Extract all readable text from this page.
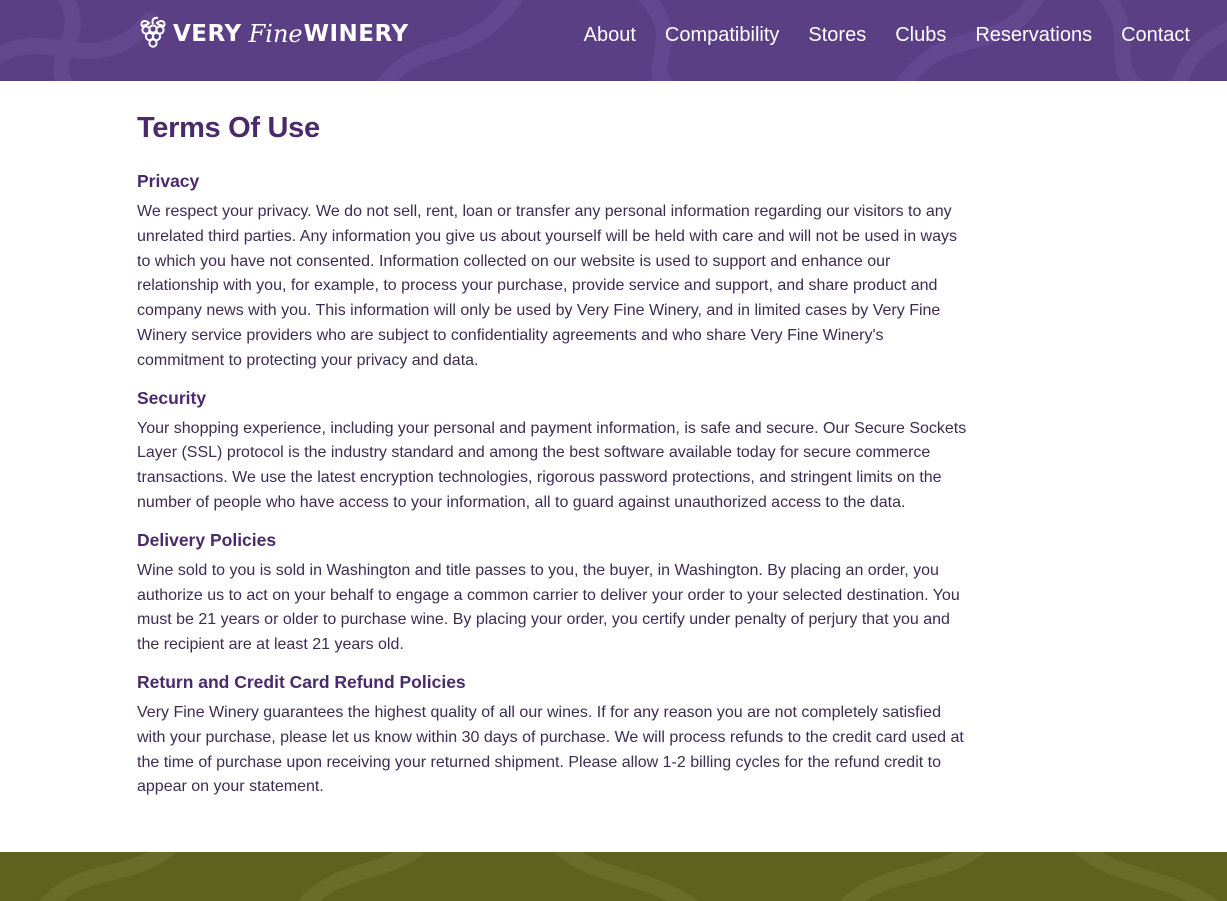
VERY Fine WINERY	About Compatibility Stores Clubs Reservations Contact
Terms Of Use
Privacy

We respect your privacy. We do not sell, rent, loan or transfer any personal information regarding our visitors to any unrelated third parties. Any information you give us about yourself will be held with care and will not be used in ways to which you have not consented. Information collected on our website is used to support and enhance our relationship with you, for example, to process your purchase, provide service and support, and share product and company news with you. This information will only be used by Very Fine Winery, and in limited cases by Very Fine Winery service providers who are subject to confidentiality agreements and who share Very Fine Winery's commitment to protecting your privacy and data.

Security

Your shopping experience, including your personal and payment information, is safe and secure. Our Secure Sockets Layer (SSL) protocol is the industry standard and among the best software available today for secure commerce transactions. We use the latest encryption technologies, rigorous password protections, and stringent limits on the number of people who have access to your information, all to guard against unauthorized access to the data.

Delivery Policies

Wine sold to you is sold in Washington and title passes to you, the buyer, in Washington. By placing an order, you authorize us to act on your behalf to engage a common carrier to deliver your order to your selected destination. You must be 21 years or older to purchase wine. By placing your order, you certify under penalty of perjury that you and the recipient are at least 21 years old.

Return and Credit Card Refund Policies

Very Fine Winery guarantees the highest quality of all our wines. If for any reason you are not completely satisfied with your purchase, please let us know within 30 days of purchase. We will process refunds to the credit card used at the time of purchase upon receiving your returned shipment. Please allow 1-2 billing cycles for the refund credit to appear on your statement.
